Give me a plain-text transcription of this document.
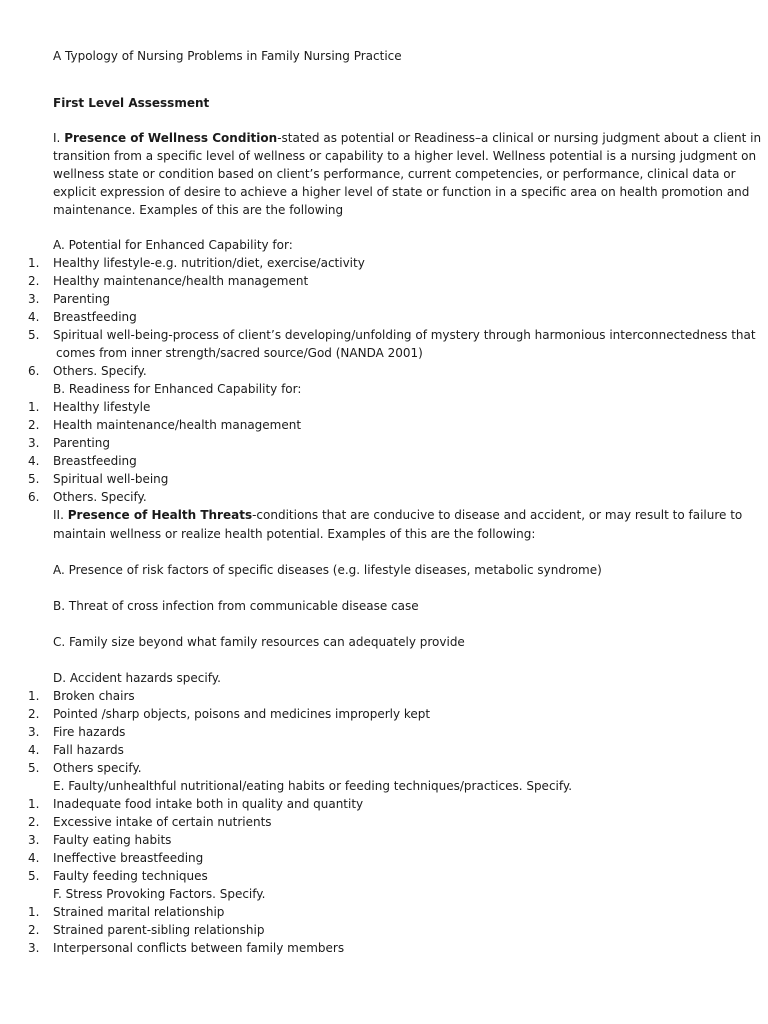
A Typology of Nursing Problems in Family Nursing Practice
First Level Assessment
I. Presence of Wellness Condition-stated as potential or Readiness–a clinical or nursing judgment about a client in
transition from a specific level of wellness or capability to a higher level. Wellness potential is a nursing judgment on
wellness state or condition based on client’s performance, current competencies, or performance, clinical data or
explicit expression of desire to achieve a higher level of state or function in a specific area on health promotion and
maintenance. Examples of this are the following
A. Potential for Enhanced Capability for:
1. Healthy lifestyle-e.g. nutrition/diet, exercise/activity
2. Healthy maintenance/health management
3. Parenting
4. Breastfeeding
5. Spiritual well-being-process of client’s developing/unfolding of mystery through harmonious interconnectedness that
comes from inner strength/sacred source/God (NANDA 2001)
6. Others. Specify.
B. Readiness for Enhanced Capability for:
1. Healthy lifestyle
2. Health maintenance/health management
3. Parenting
4. Breastfeeding
5. Spiritual well-being
6. Others. Specify.
II. Presence of Health Threats-conditions that are conducive to disease and accident, or may result to failure to
maintain wellness or realize health potential. Examples of this are the following:
A. Presence of risk factors of specific diseases (e.g. lifestyle diseases, metabolic syndrome)
B. Threat of cross infection from communicable disease case
C. Family size beyond what family resources can adequately provide
D. Accident hazards specify.
1. Broken chairs
2. Pointed /sharp objects, poisons and medicines improperly kept
3. Fire hazards
4. Fall hazards
5. Others specify.
E. Faulty/unhealthful nutritional/eating habits or feeding techniques/practices. Specify.
1. Inadequate food intake both in quality and quantity
2. Excessive intake of certain nutrients
3. Faulty eating habits
4. Ineffective breastfeeding
5. Faulty feeding techniques
F. Stress Provoking Factors. Specify.
1. Strained marital relationship
2. Strained parent-sibling relationship
3. Interpersonal conflicts between family members
